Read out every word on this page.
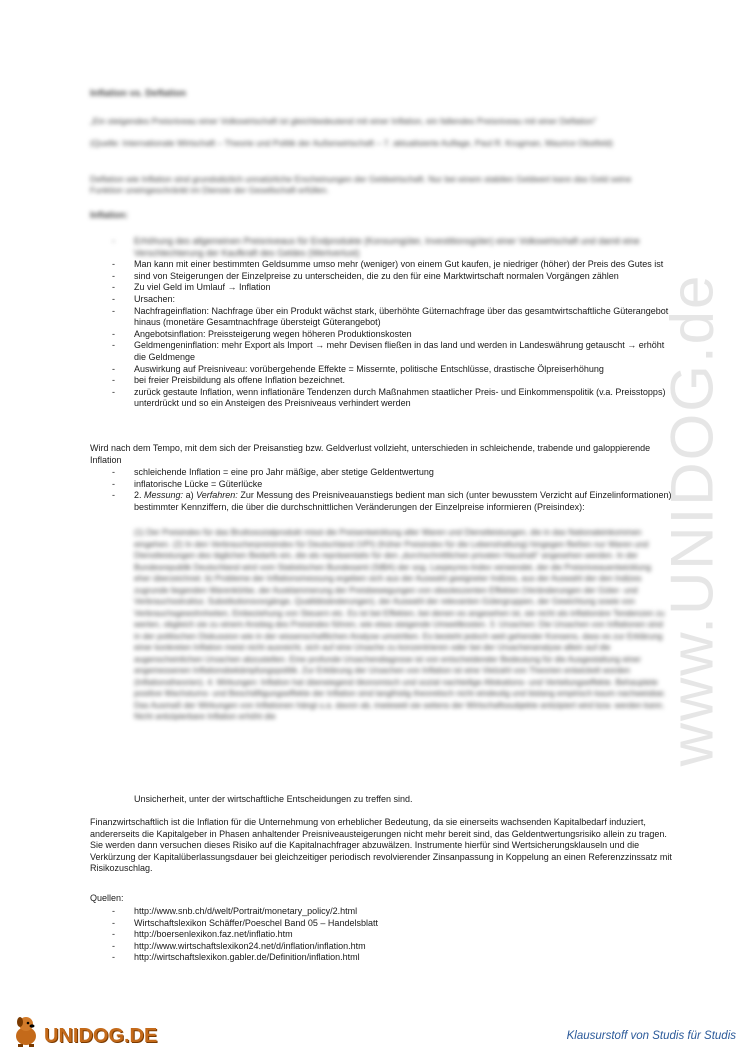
www.UNIDOG.de
Inflation vs. Deflation
„Ein steigendes Preisniveau einer Volkswirtschaft ist gleichbedeutend mit einer Inflation, ein fallendes Preisniveau mit einer Deflation"
(Quelle: Internationale Wirtschaft – Theorie und Politik der Außenwirtschaft – 7. aktualisierte Auflage, Paul R. Krugman, Maurice Obstfeld)
Deflation wie Inflation sind grundsätzlich unnatürliche Erscheinungen der Geldwirtschaft. Nur bei einem stabilen Geldwert kann das Geld seine Funktion uneingeschränkt im Dienste der Gesellschaft erfüllen.
Inflation:
- Erhöhung des allgemeinen Preisniveaus für Endprodukte (Konsumgüter, Investitionsgüter) einer Volkswirtschaft und damit eine Verschlechterung der Kaufkraft des Geldes (Wertverlust)
- Man kann mit einer bestimmten Geldsumme umso mehr (weniger) von einem Gut kaufen, je niedriger (höher) der Preis des Gutes ist
- sind von Steigerungen der Einzelpreise zu unterscheiden, die zu den für eine Marktwirtschaft normalen Vorgängen zählen
- Zu viel Geld im Umlauf → Inflation
- Ursachen:
- Nachfrageinflation: Nachfrage über ein Produkt wächst stark, überhöhte Güternachfrage über das gesamtwirtschaftliche Güterangebot hinaus (monetäre Gesamtnachfrage übersteigt Güterangebot)
- Angebotsinflation: Preissteigerung wegen höheren Produktionskosten
- Geldmengeninflation: mehr Export als Import → mehr Devisen fließen in das land und werden in Landeswährung getauscht → erhöht die Geldmenge
- Auswirkung auf Preisniveau: vorübergehende Effekte = Missernte, politische Entschlüsse, drastische Ölpreiserhöhung
- bei freier Preisbildung als offene Inflation bezeichnet.
- zurück gestaute Inflation, wenn inflationäre Tendenzen durch Maßnahmen staatlicher Preis- und Einkommenspolitik (v.a. Preisstopps) unterdrückt und so ein Ansteigen des Preisniveaus verhindert werden
Wird nach dem Tempo, mit dem sich der Preisanstieg bzw. Geldverlust vollzieht, unterschieden in schleichende, trabende und galoppierende Inflation
- schleichende Inflation = eine pro Jahr mäßige, aber stetige Geldentwertung
- inflatorische Lücke = Güterlücke
- 2. Messung: a) Verfahren: Zur Messung des Preisniveauanstiegs bedient man sich (unter bewusstem Verzicht auf Einzelinformationen) bestimmter Kennziffern, die über die durchschnittlichen Veränderungen der Einzelpreise informieren (Preisindex):
(1) Der Preisindex für das Bruttosozialprodukt misst die Preisentwicklung aller Waren und Dienstleistungen, die in das Nationaleinkommen eingehen. (2) In den Verbraucherpreisindex für Deutschland (VPI) (früher Preisindex für die Lebenshaltung) hingegen fließen nur Waren und Dienstleistungen des täglichen Bedarfs ein, die als repräsentativ für den „durchschnittlichen privaten Haushalt" angesehen werden. In der Bundesrepublik Deutschland wird vom Statistischen Bundesamt (StBA) der sog. Laspeyres-Index verwendet, der die Preisniveauentwicklung eher überzeichnet. b) Probleme der Inflationsmessung ergeben sich aus der Auswahl geeigneter Indizes, aus der Auswahl der den Indizes zugrunde liegenden Warenkörbe, der Ausklammerung der Preisbewegungen von obsoleszenten Effekten (Veränderungen der Güter- und Verbrauchsstruktur, Substitutionsvorgänge, Qualitätsänderungen), der Auswahl der relevanten Gütergruppen, der Gewichtung sowie von Verbrauchsgewohnheiten, Einbeziehung von Steuern etc. Es ist bei Effekten, bei denen es angesehen ist, sie nicht als inflationäre Tendenzen zu werten, obgleich sie zu einem Anstieg des Preisindex führen, wie etwa steigende Umweltkosten. 3. Ursachen: Die Ursachen von Inflationen sind in der politischen Diskussion wie in der wissenschaftlichen Analyse umstritten. Es besteht jedoch weit gehender Konsens, dass es zur Erklärung einer konkreten Inflation meist nicht ausreicht, sich auf eine Ursache zu konzentrieren oder bei der Ursachenanalyse allein auf die augenscheinlichen Ursachen abzustellen. Eine profunde Ursachendiagnose ist von entscheidender Bedeutung für die Ausgestaltung einer angemessenen Inflationsbekämpfungspolitik. Zur Erklärung der Ursachen von Inflation ist eine Vielzahl von Theorien entwickelt worden (Inflationstheorien). 4. Wirkungen: Inflation hat überwiegend ökonomisch und sozial nachteilige Allokations- und Verteilungseffekte. Behauptete positive Wachstums- und Beschäftigungseffekte der Inflation sind langfristig theoretisch nicht eindeutig und bislang empirisch kaum nachweisbar. Das Ausmaß der Wirkungen von Inflationen hängt u.a. davon ab, inwieweit sie seitens der Wirtschaftssubjekte antizipiert wird bzw. werden kann. Nicht antizipierbare Inflation erhöht die
Unsicherheit, unter der wirtschaftliche Entscheidungen zu treffen sind.
Finanzwirtschaftlich ist die Inflation für die Unternehmung von erheblicher Bedeutung, da sie einerseits wachsenden Kapitalbedarf induziert, andererseits die Kapitalgeber in Phasen anhaltender Preisniveausteigerungen nicht mehr bereit sind, das Geldentwertungsrisiko allein zu tragen. Sie werden dann versuchen dieses Risiko auf die Kapitalnachfrager abzuwälzen. Instrumente hierfür sind Wertsicherungsklauseln und die Verkürzung der Kapitalüberlassungsdauer bei gleichzeitiger periodisch revolvierender Zinsanpassung in Koppelung an einen Referenzzinssatz mit Risikozuschlag.
Quellen:
- http://www.snb.ch/d/welt/Portrait/monetary_policy/2.html
- Wirtschaftslexikon Schäffer/Poeschel Band 05 – Handelsblatt
- http://boersenlexikon.faz.net/inflatio.htm
- http://www.wirtschaftslexikon24.net/d/inflation/inflation.htm
- http://wirtschaftslexikon.gabler.de/Definition/inflation.html
UNIDOG.DE	Klausurstoff von Studis für Studis
